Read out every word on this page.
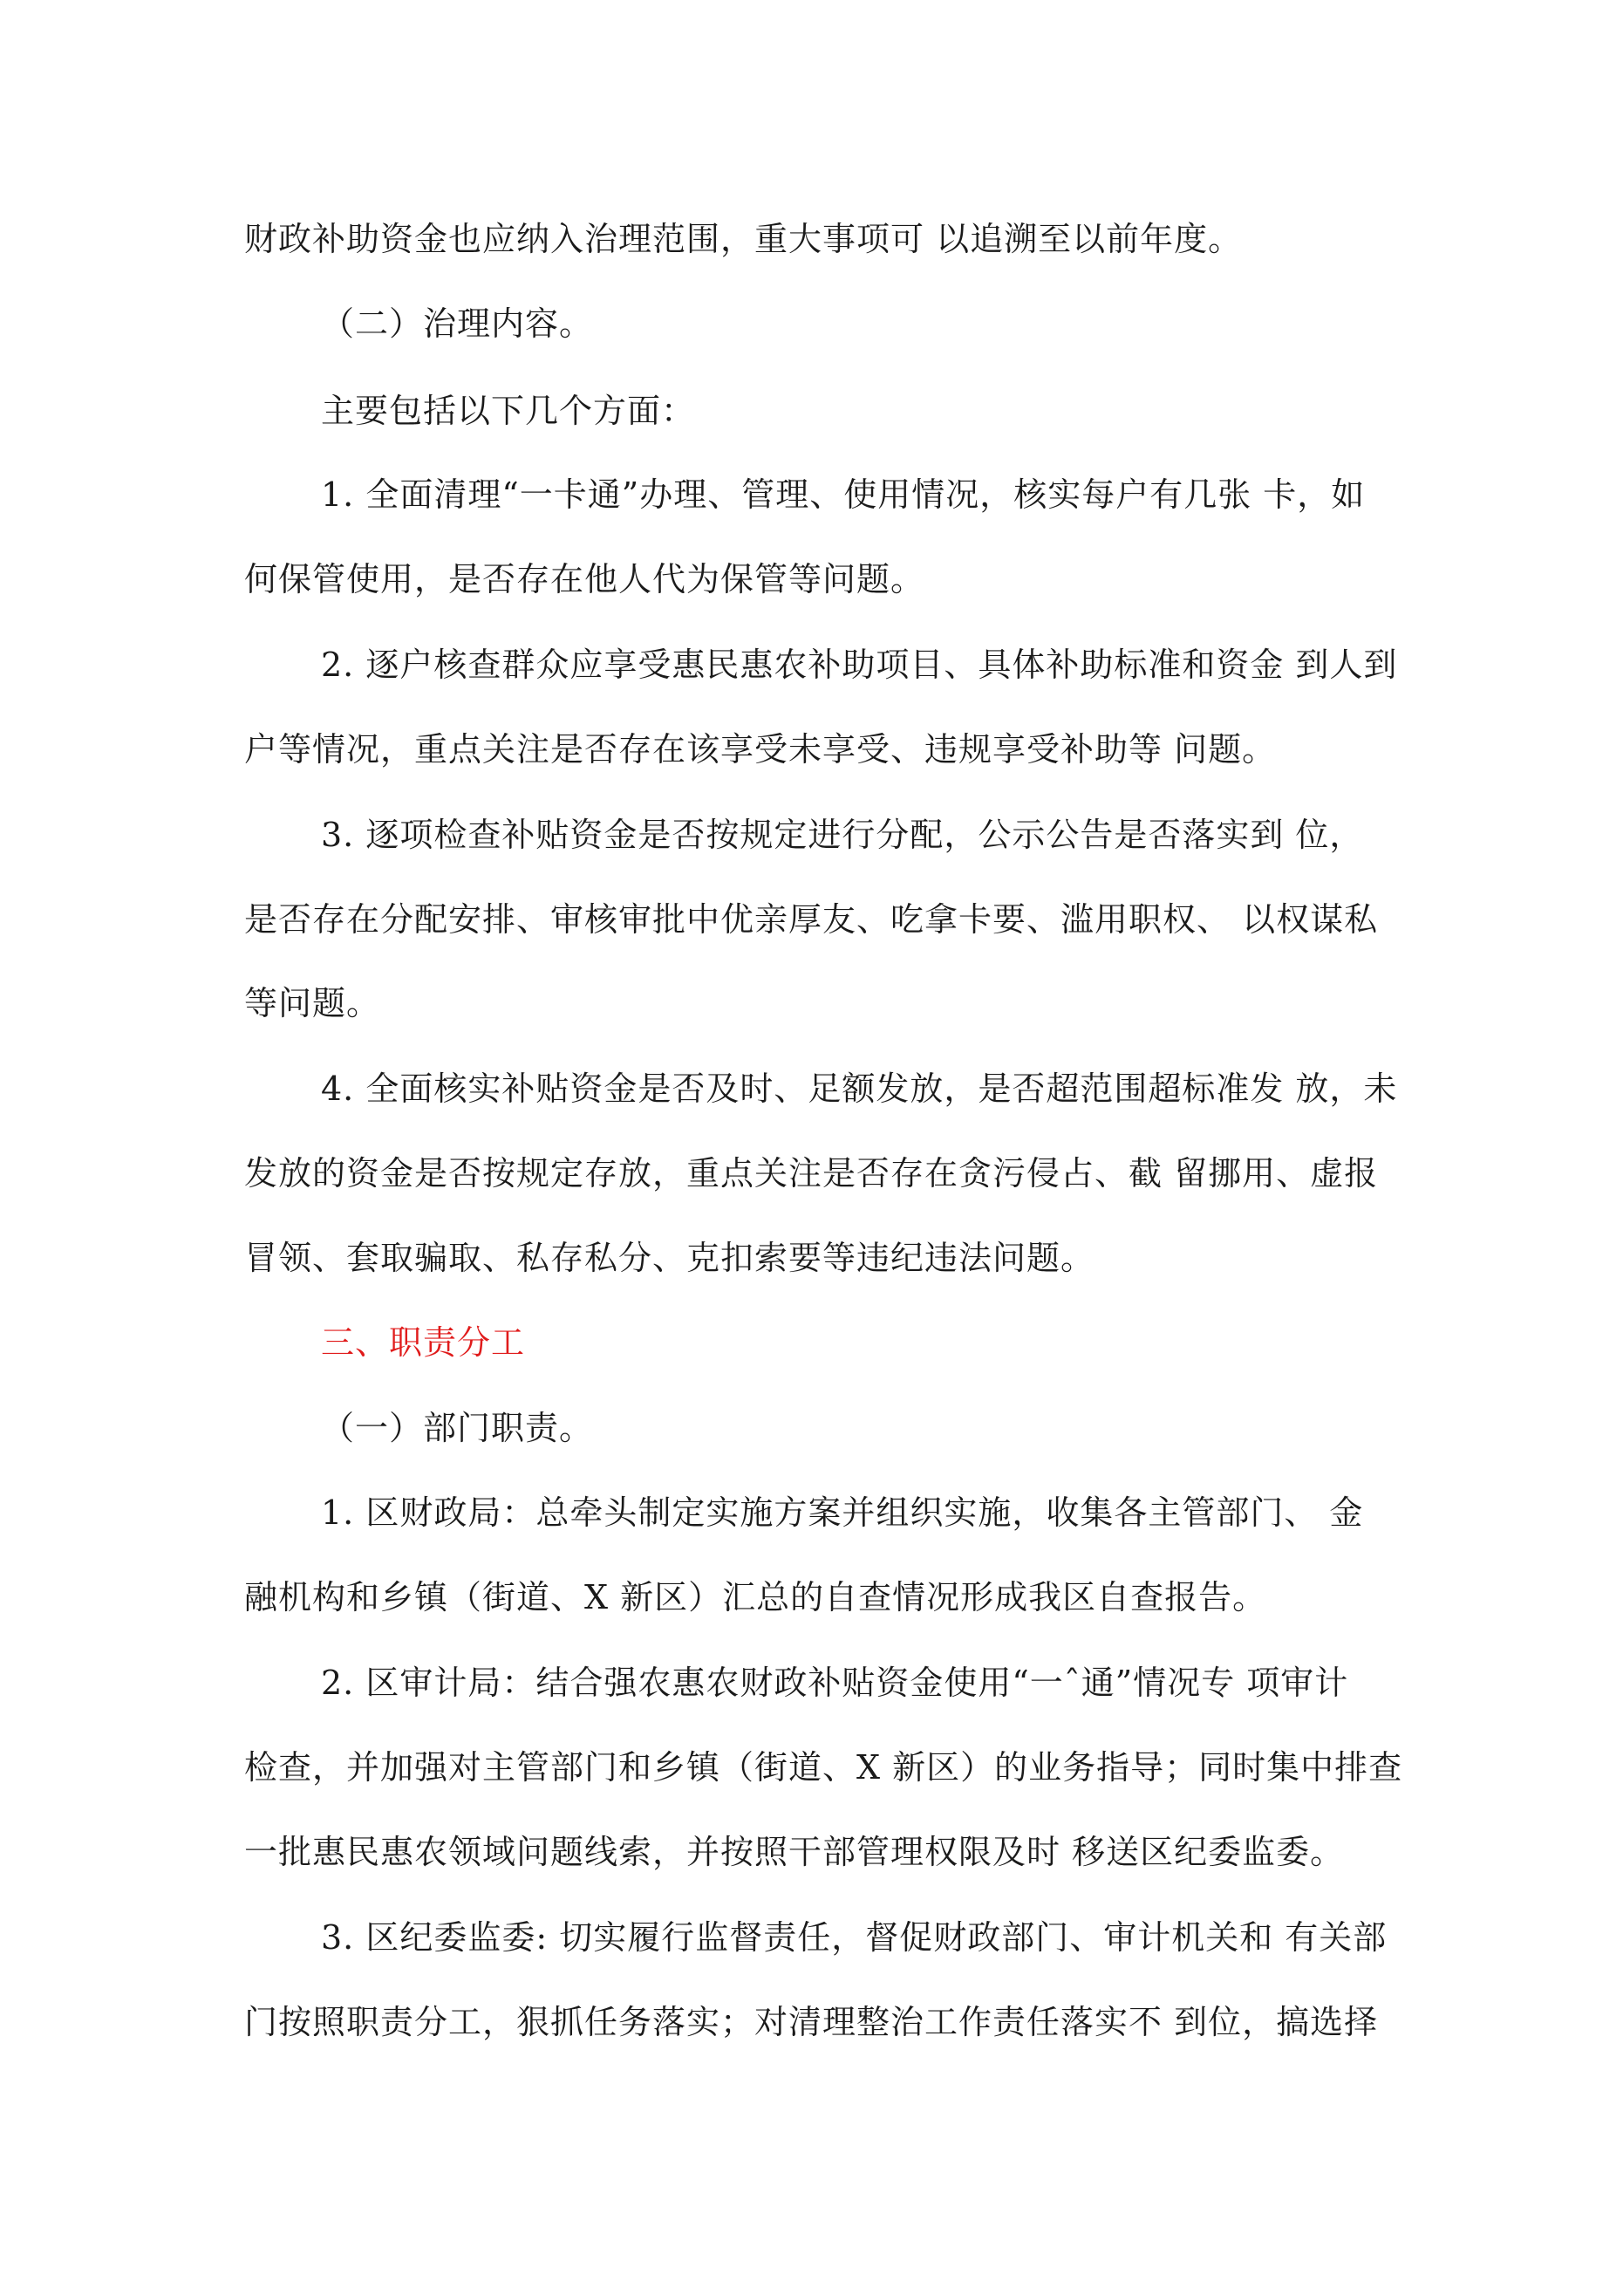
财政补助资金也应纳入治理范围，重大事项可 以追溯至以前年度。
（二）治理内容。
主要包括以下几个方面：
1. 全面清理“一卡通”办理、管理、使用情况，核实每户有几张 卡，如
何保管使用，是否存在他人代为保管等问题。
2. 逐户核查群众应享受惠民惠农补助项目、具体补助标准和资金 到人到
户等情况，重点关注是否存在该享受未享受、违规享受补助等 问题。
3. 逐项检查补贴资金是否按规定进行分配，公示公告是否落实到 位，
是否存在分配安排、审核审批中优亲厚友、吃拿卡要、滥用职权、 以权谋私
等问题。
4. 全面核实补贴资金是否及时、足额发放，是否超范围超标准发 放，未
发放的资金是否按规定存放，重点关注是否存在贪污侵占、截 留挪用、虚报
冒领、套取骗取、私存私分、克扣索要等违纪违法问题。
三、职责分工
（一）部门职责。
1. 区财政局：总牵头制定实施方案并组织实施，收集各主管部门、 金
融机构和乡镇（街道、X 新区）汇总的自查情况形成我区自查报告。
2. 区审计局：结合强农惠农财政补贴资金使用“一ˆ通”情况专 项审计
检查，并加强对主管部门和乡镇（街道、X 新区）的业务指导；同时集中排查
一批惠民惠农领域问题线索，并按照干部管理权限及时 移送区纪委监委。
3. 区纪委监委: 切实履行监督责任，督促财政部门、审计机关和 有关部
门按照职责分工，狠抓任务落实；对清理整治工作责任落实不 到位，搞选择
